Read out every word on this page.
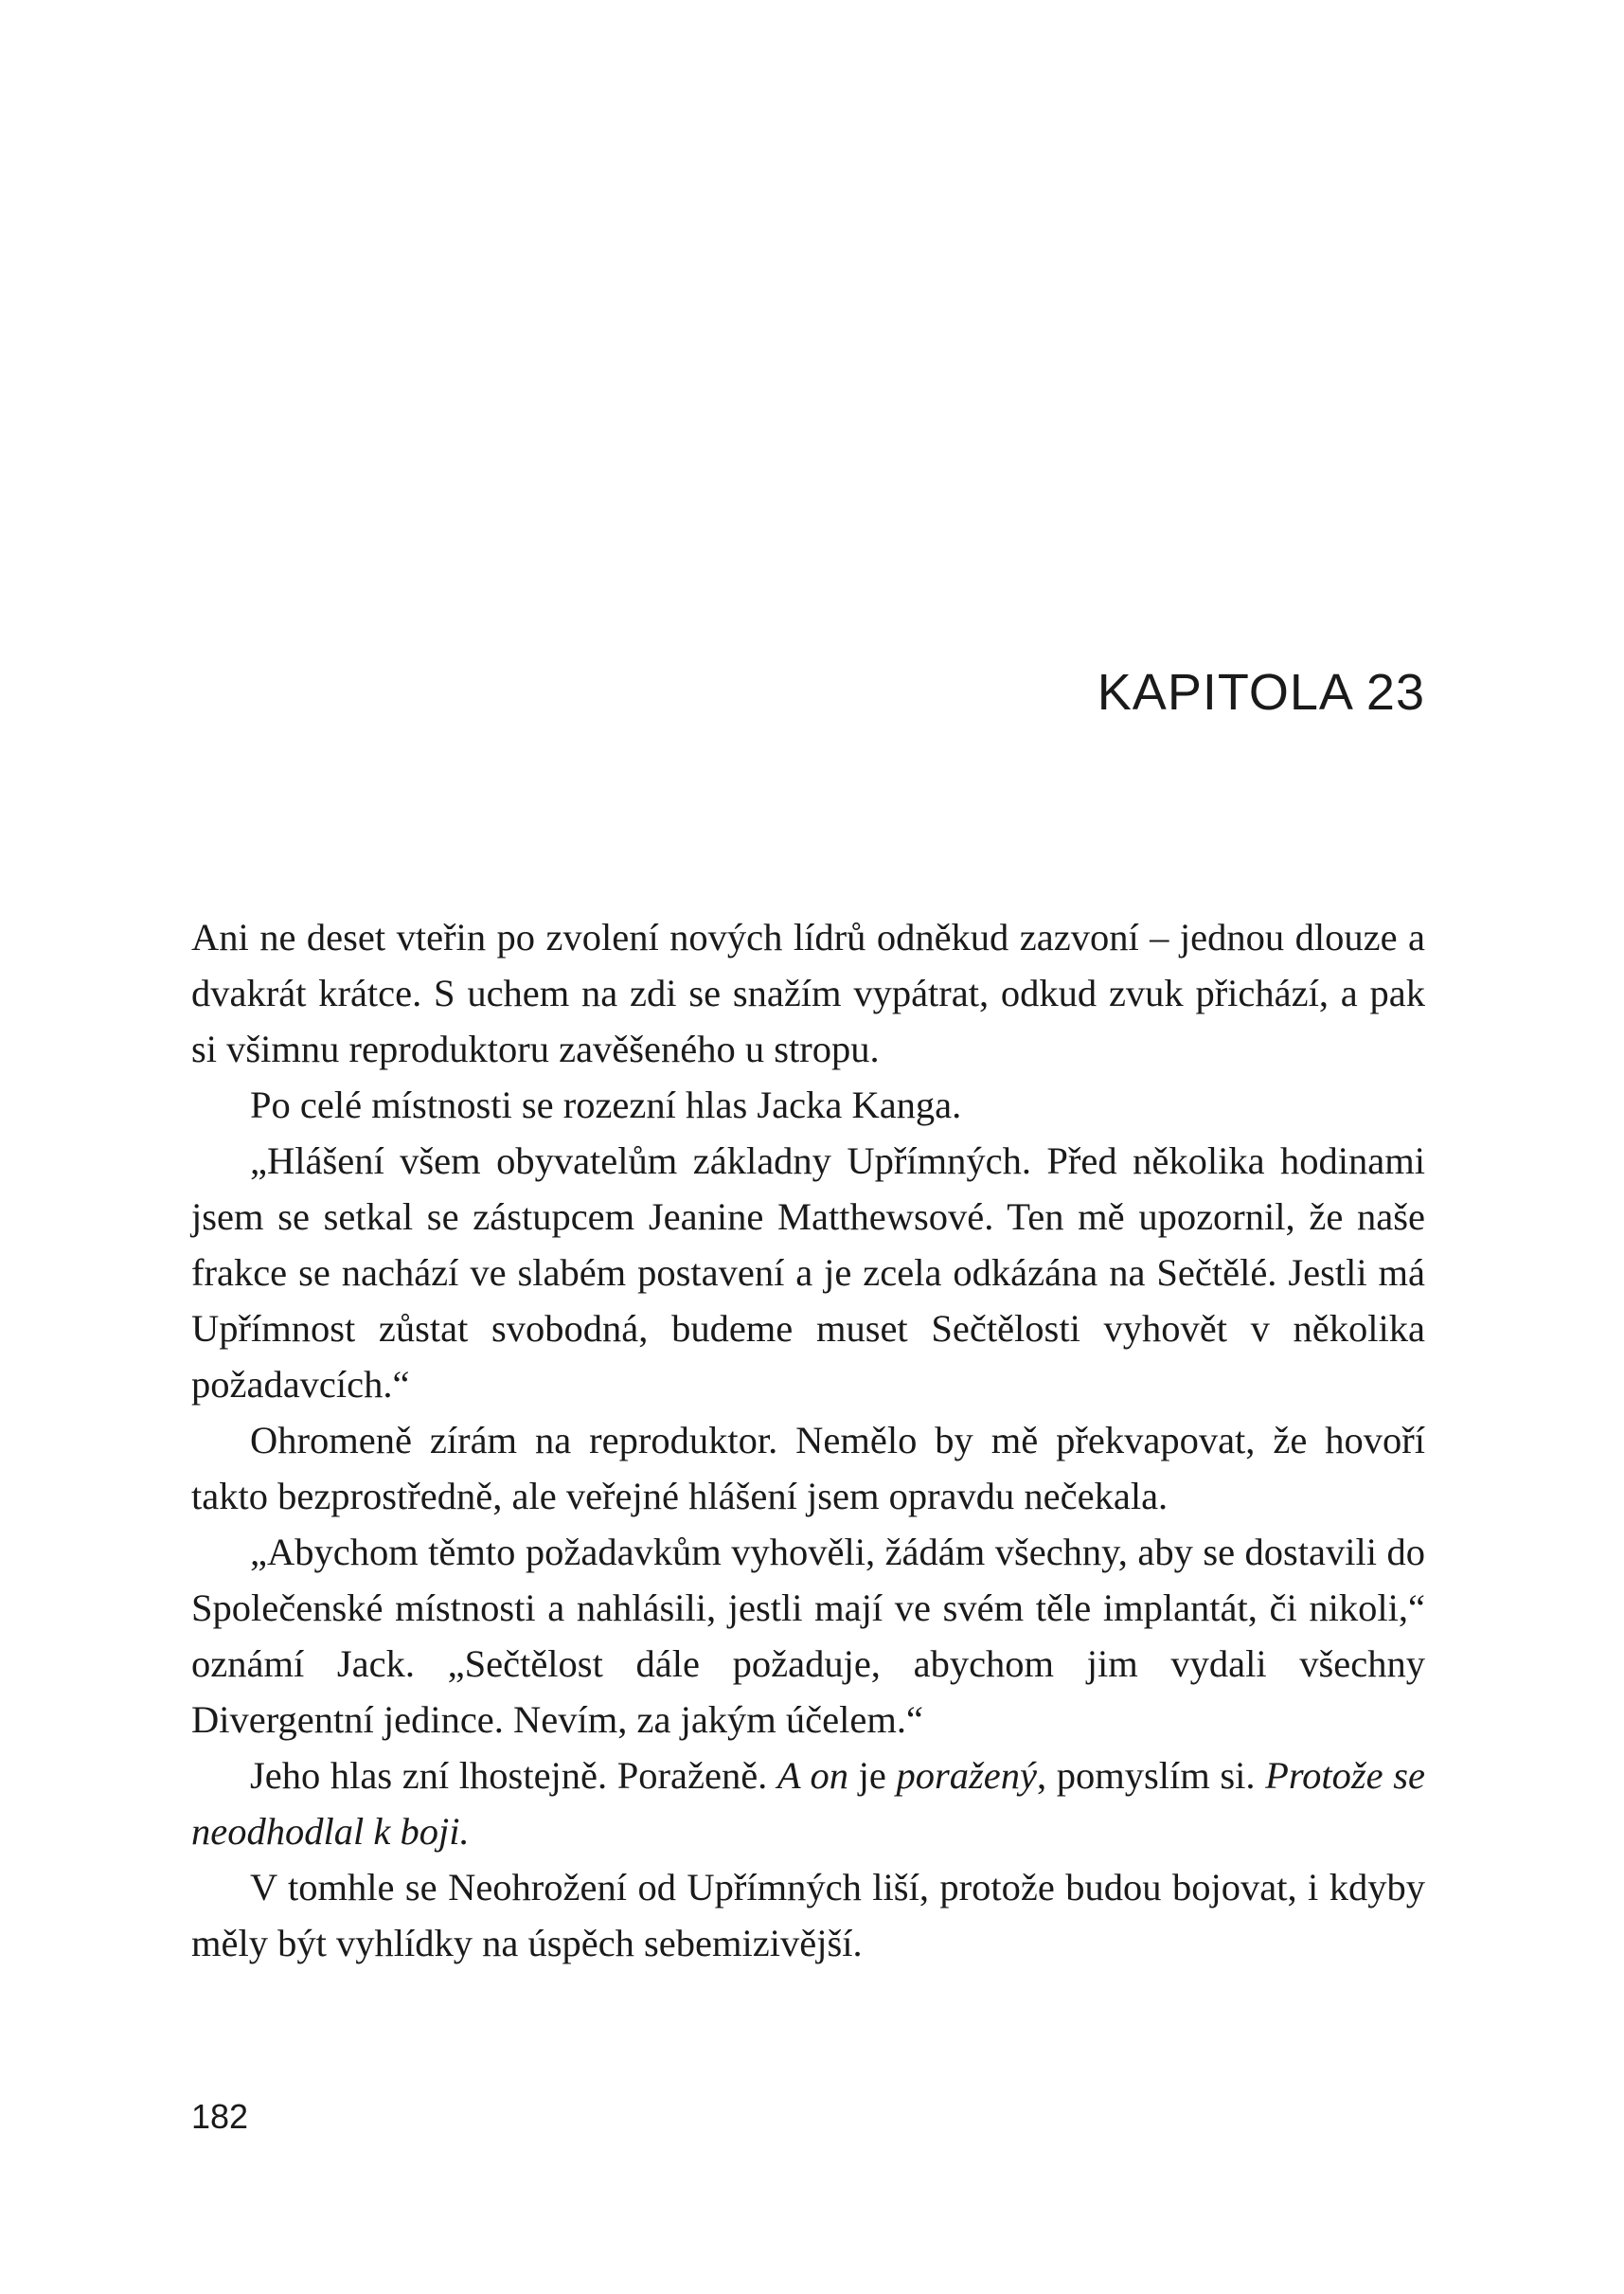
KAPITOLA 23

Ani ne deset vteřin po zvolení nových lídrů odněkud zazvoní – jednou dlouze a dvakrát krátce. S uchem na zdi se snažím vypátrat, odkud zvuk přichází, a pak si všimnu reproduktoru zavěšeného u stropu.

Po celé místnosti se rozezní hlas Jacka Kanga.

„Hlášení všem obyvatelům základny Upřímných. Před několika hodinami jsem se setkal se zástupcem Jeanine Matthewsové. Ten mě upozornil, že naše frakce se nachází ve slabém postavení a je zcela odkázána na Sečtělé. Jestli má Upřímnost zůstat svobodná, budeme muset Sečtělosti vyhovět v několika požadavcích.“

Ohromeně zírám na reproduktor. Nemělo by mě překvapovat, že hovoří takto bezprostředně, ale veřejné hlášení jsem opravdu nečekala.

„Abychom těmto požadavkům vyhověli, žádám všechny, aby se dostavili do Společenské místnosti a nahlásili, jestli mají ve svém těle implantát, či nikoli,“ oznámí Jack. „Sečtělost dále požaduje, abychom jim vydali všechny Divergentní jedince. Nevím, za jakým účelem.“

Jeho hlas zní lhostejně. Poraženě. A on je poražený, pomyslím si. Protože se neodhodlal k boji.

V tomhle se Neohrožení od Upřímných liší, protože budou bojovat, i kdyby měly být vyhlídky na úspěch sebemizivější.

182
